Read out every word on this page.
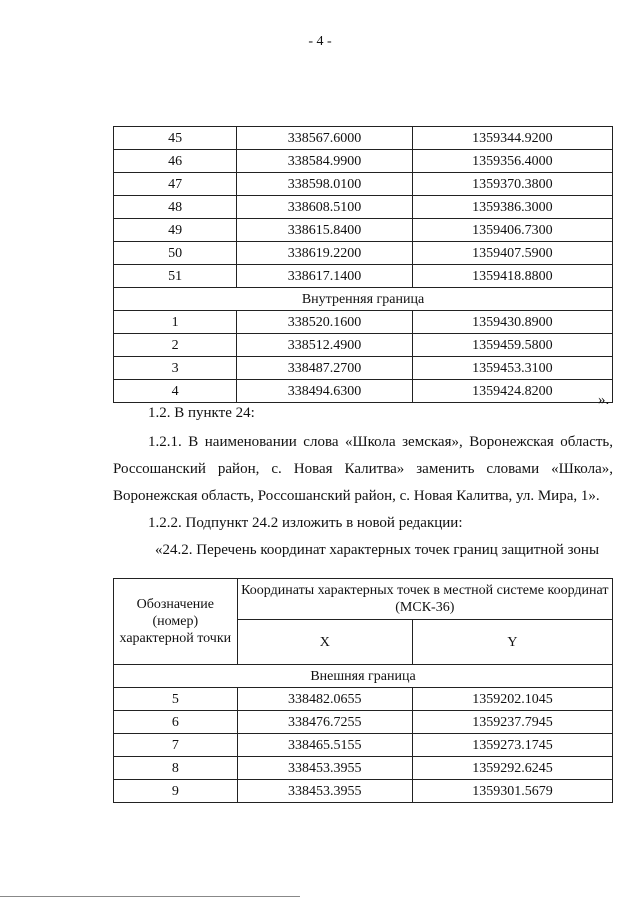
- 4 -
45	338567.6000	1359344.9200
46	338584.9900	1359356.4000
47	338598.0100	1359370.3800
48	338608.5100	1359386.3000
49	338615.8400	1359406.7300
50	338619.2200	1359407.5900
51	338617.1400	1359418.8800
Внутренняя граница		
1	338520.1600	1359430.8900
2	338512.4900	1359459.5800
3	338487.2700	1359453.3100
4	338494.6300	1359424.8200
».
1.2. В пункте 24:
1.2.1. В наименовании слова «Школа земская», Воронежская область,
Россошанский район, с. Новая Калитва» заменить словами «Школа»,
Воронежская область, Россошанский район, с. Новая Калитва, ул. Мира, 1».
1.2.2. Подпункт 24.2 изложить в новой редакции:
«24.2. Перечень координат характерных точек границ защитной зоны
Обозначение (номер) характерной точки	Координаты характерных точек в местной системе координат (МСК-36)	
	X	Y
Внешняя граница		
5	338482.0655	1359202.1045
6	338476.7255	1359237.7945
7	338465.5155	1359273.1745
8	338453.3955	1359292.6245
9	338453.3955	1359301.5679
